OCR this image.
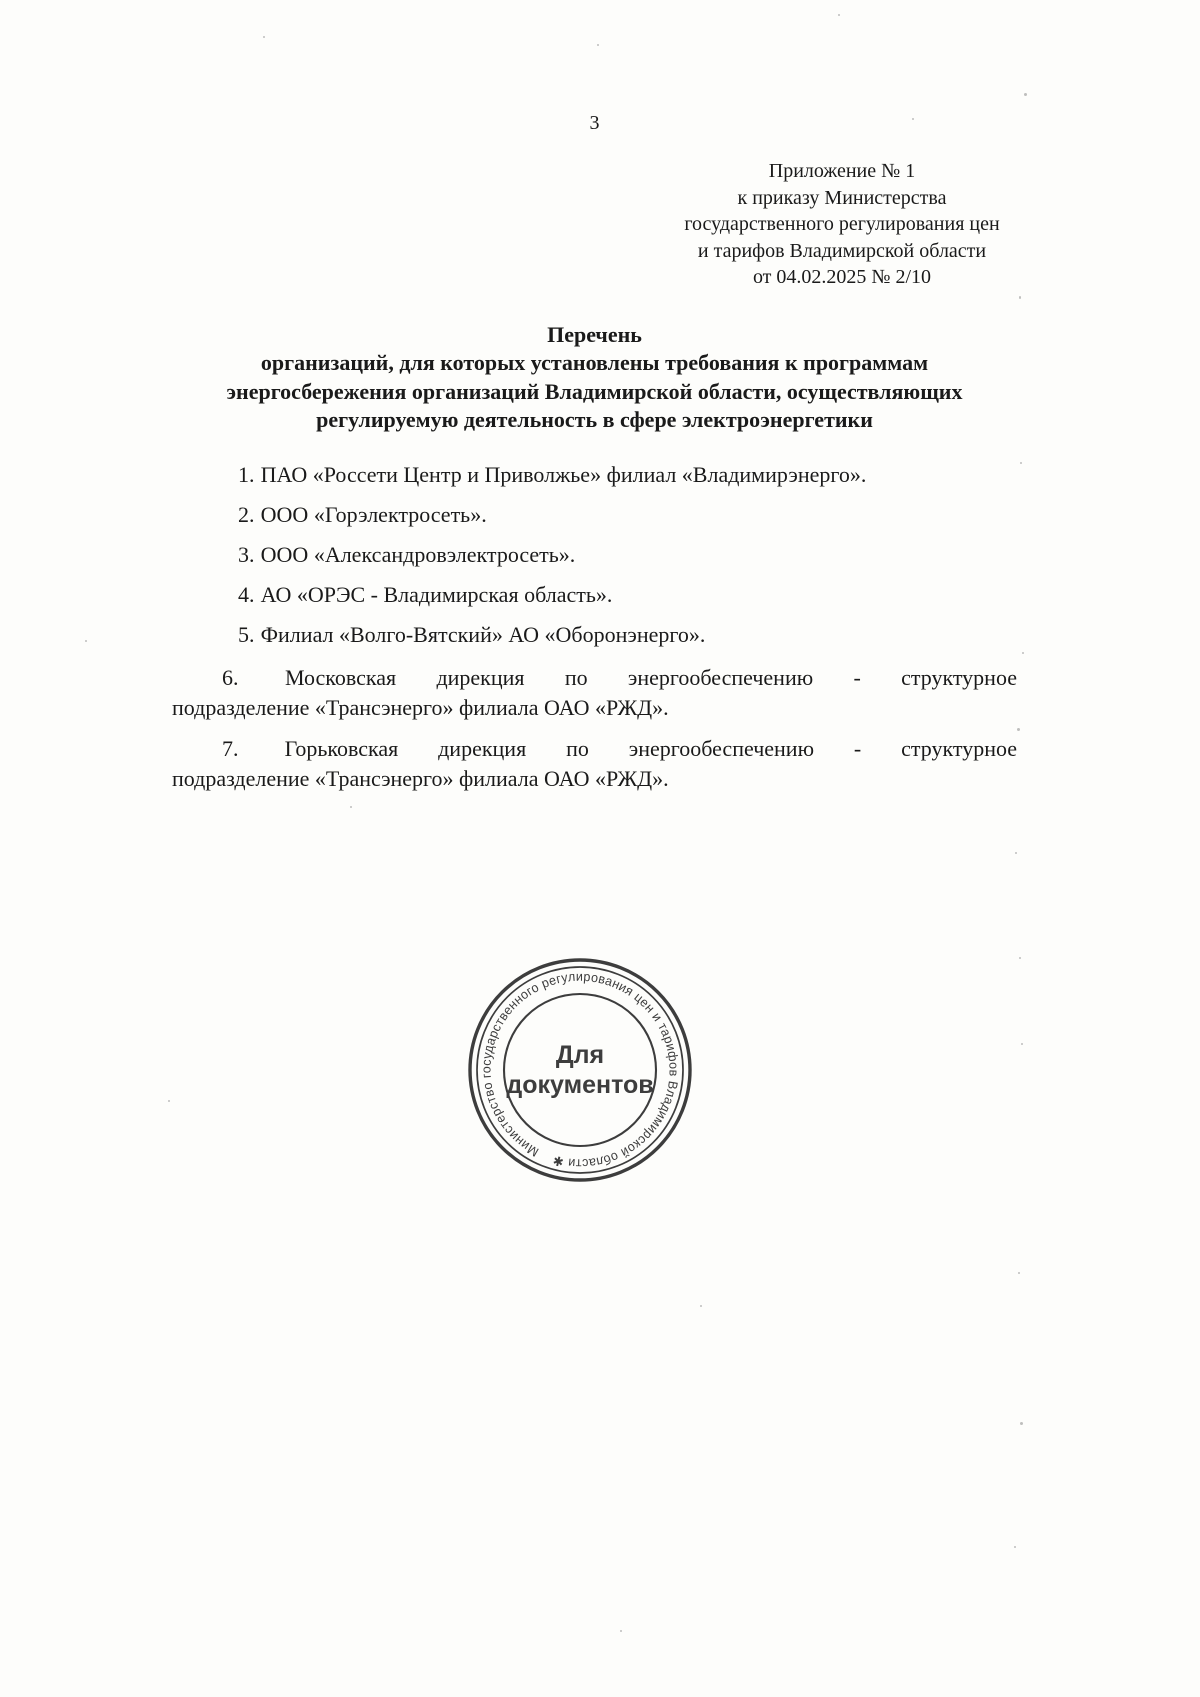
3
Приложение № 1
к приказу Министерства
государственного регулирования цен
и тарифов Владимирской области
от 04.02.2025 № 2/10
Перечень
организаций, для которых установлены требования к программам
энергосбережения организаций Владимирской области, осуществляющих
регулируемую деятельность в сфере электроэнергетики

1. ПАО «Россети Центр и Приволжье» филиал «Владимирэнерго».

2. ООО «Горэлектросеть».

3. ООО «Александровэлектросеть».

4. АО «ОРЭС - Владимирская область».

5. Филиал «Волго-Вятский» АО «Оборонэнерго».

6. Московская дирекция по энергообеспечению - структурное
подразделение «Трансэнерго» филиала ОАО «РЖД».

7. Горьковская дирекция по энергообеспечению - структурное
подразделение «Трансэнерго» филиала ОАО «РЖД».

Министерство государственного регулирования цен и тарифов Владимирской области ✱
Для
документов
